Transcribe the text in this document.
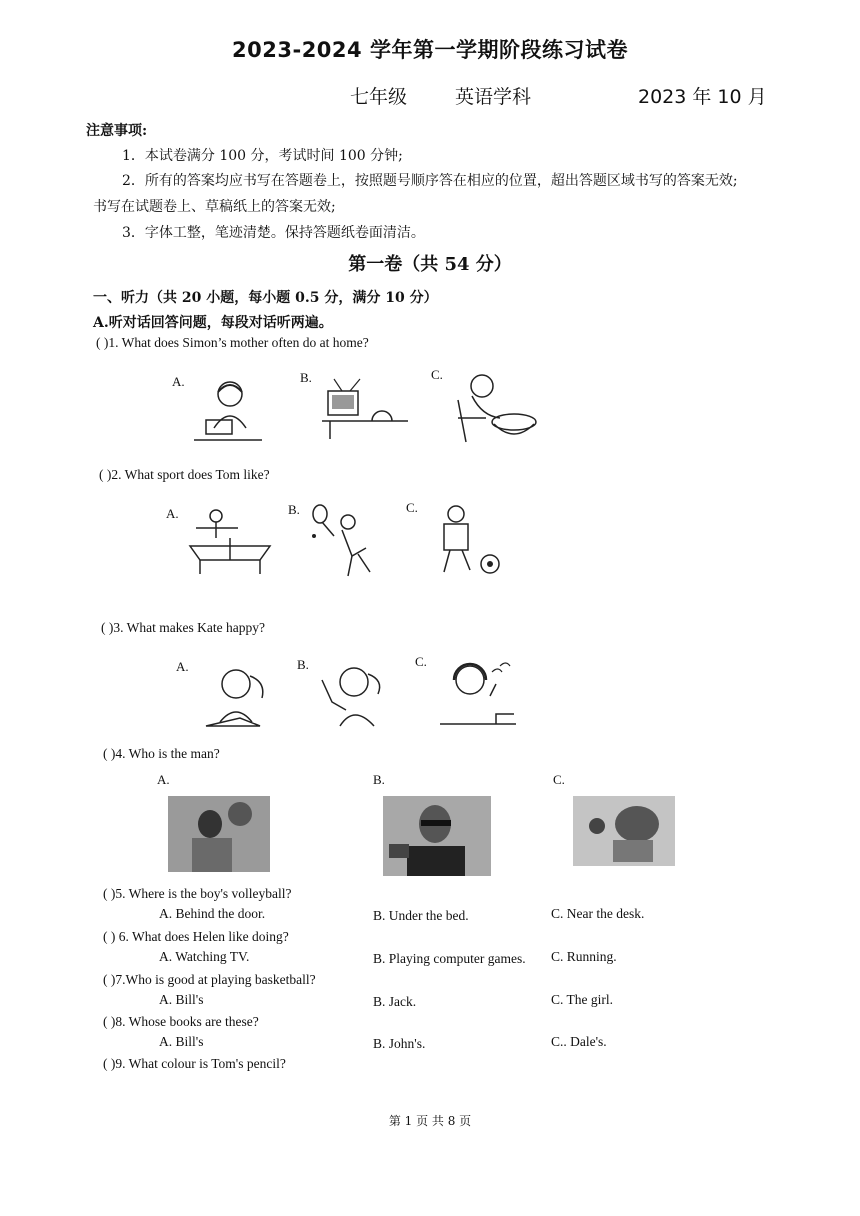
2023-2024 学年第一学期阶段练习试卷
七年级	英语学科	2023 年 10 月
注意事项:
1．本试卷满分 100 分，考试时间 100 分钟;
2．所有的答案均应书写在答题卷上，按照题号顺序答在相应的位置，超出答题区域书写的答案无效;
书写在试题卷上、草稿纸上的答案无效;
3．字体工整，笔迹清楚。保持答题纸卷面清洁。
第一卷（共 54 分）
一、听力（共 20 小题，每小题 0.5 分，满分 10 分）
A.听对话回答问题，每段对话听两遍。
( )1. What does Simon’s mother often do at home?
A.	B.	C.
( )2. What sport does Tom like?
A.	B.	C.
( )3. What makes Kate happy?
A.	B.	C.
( )4. Who is the man?
A.	B.	C.
( )5. Where is the boy's volleyball?
A. Behind the door.	B. Under the bed.	C. Near the desk.
( ) 6. What does Helen like doing?
A. Watching TV.	B. Playing computer games. C. Running.
( )7.Who is good at playing basketball?
A. Bill's	B. Jack.	C. The girl.
( )8. Whose books are these?
A. Bill's	B. John's.	C.. Dale's.
( )9. What colour is Tom's pencil?
第 1 页 共 8 页
